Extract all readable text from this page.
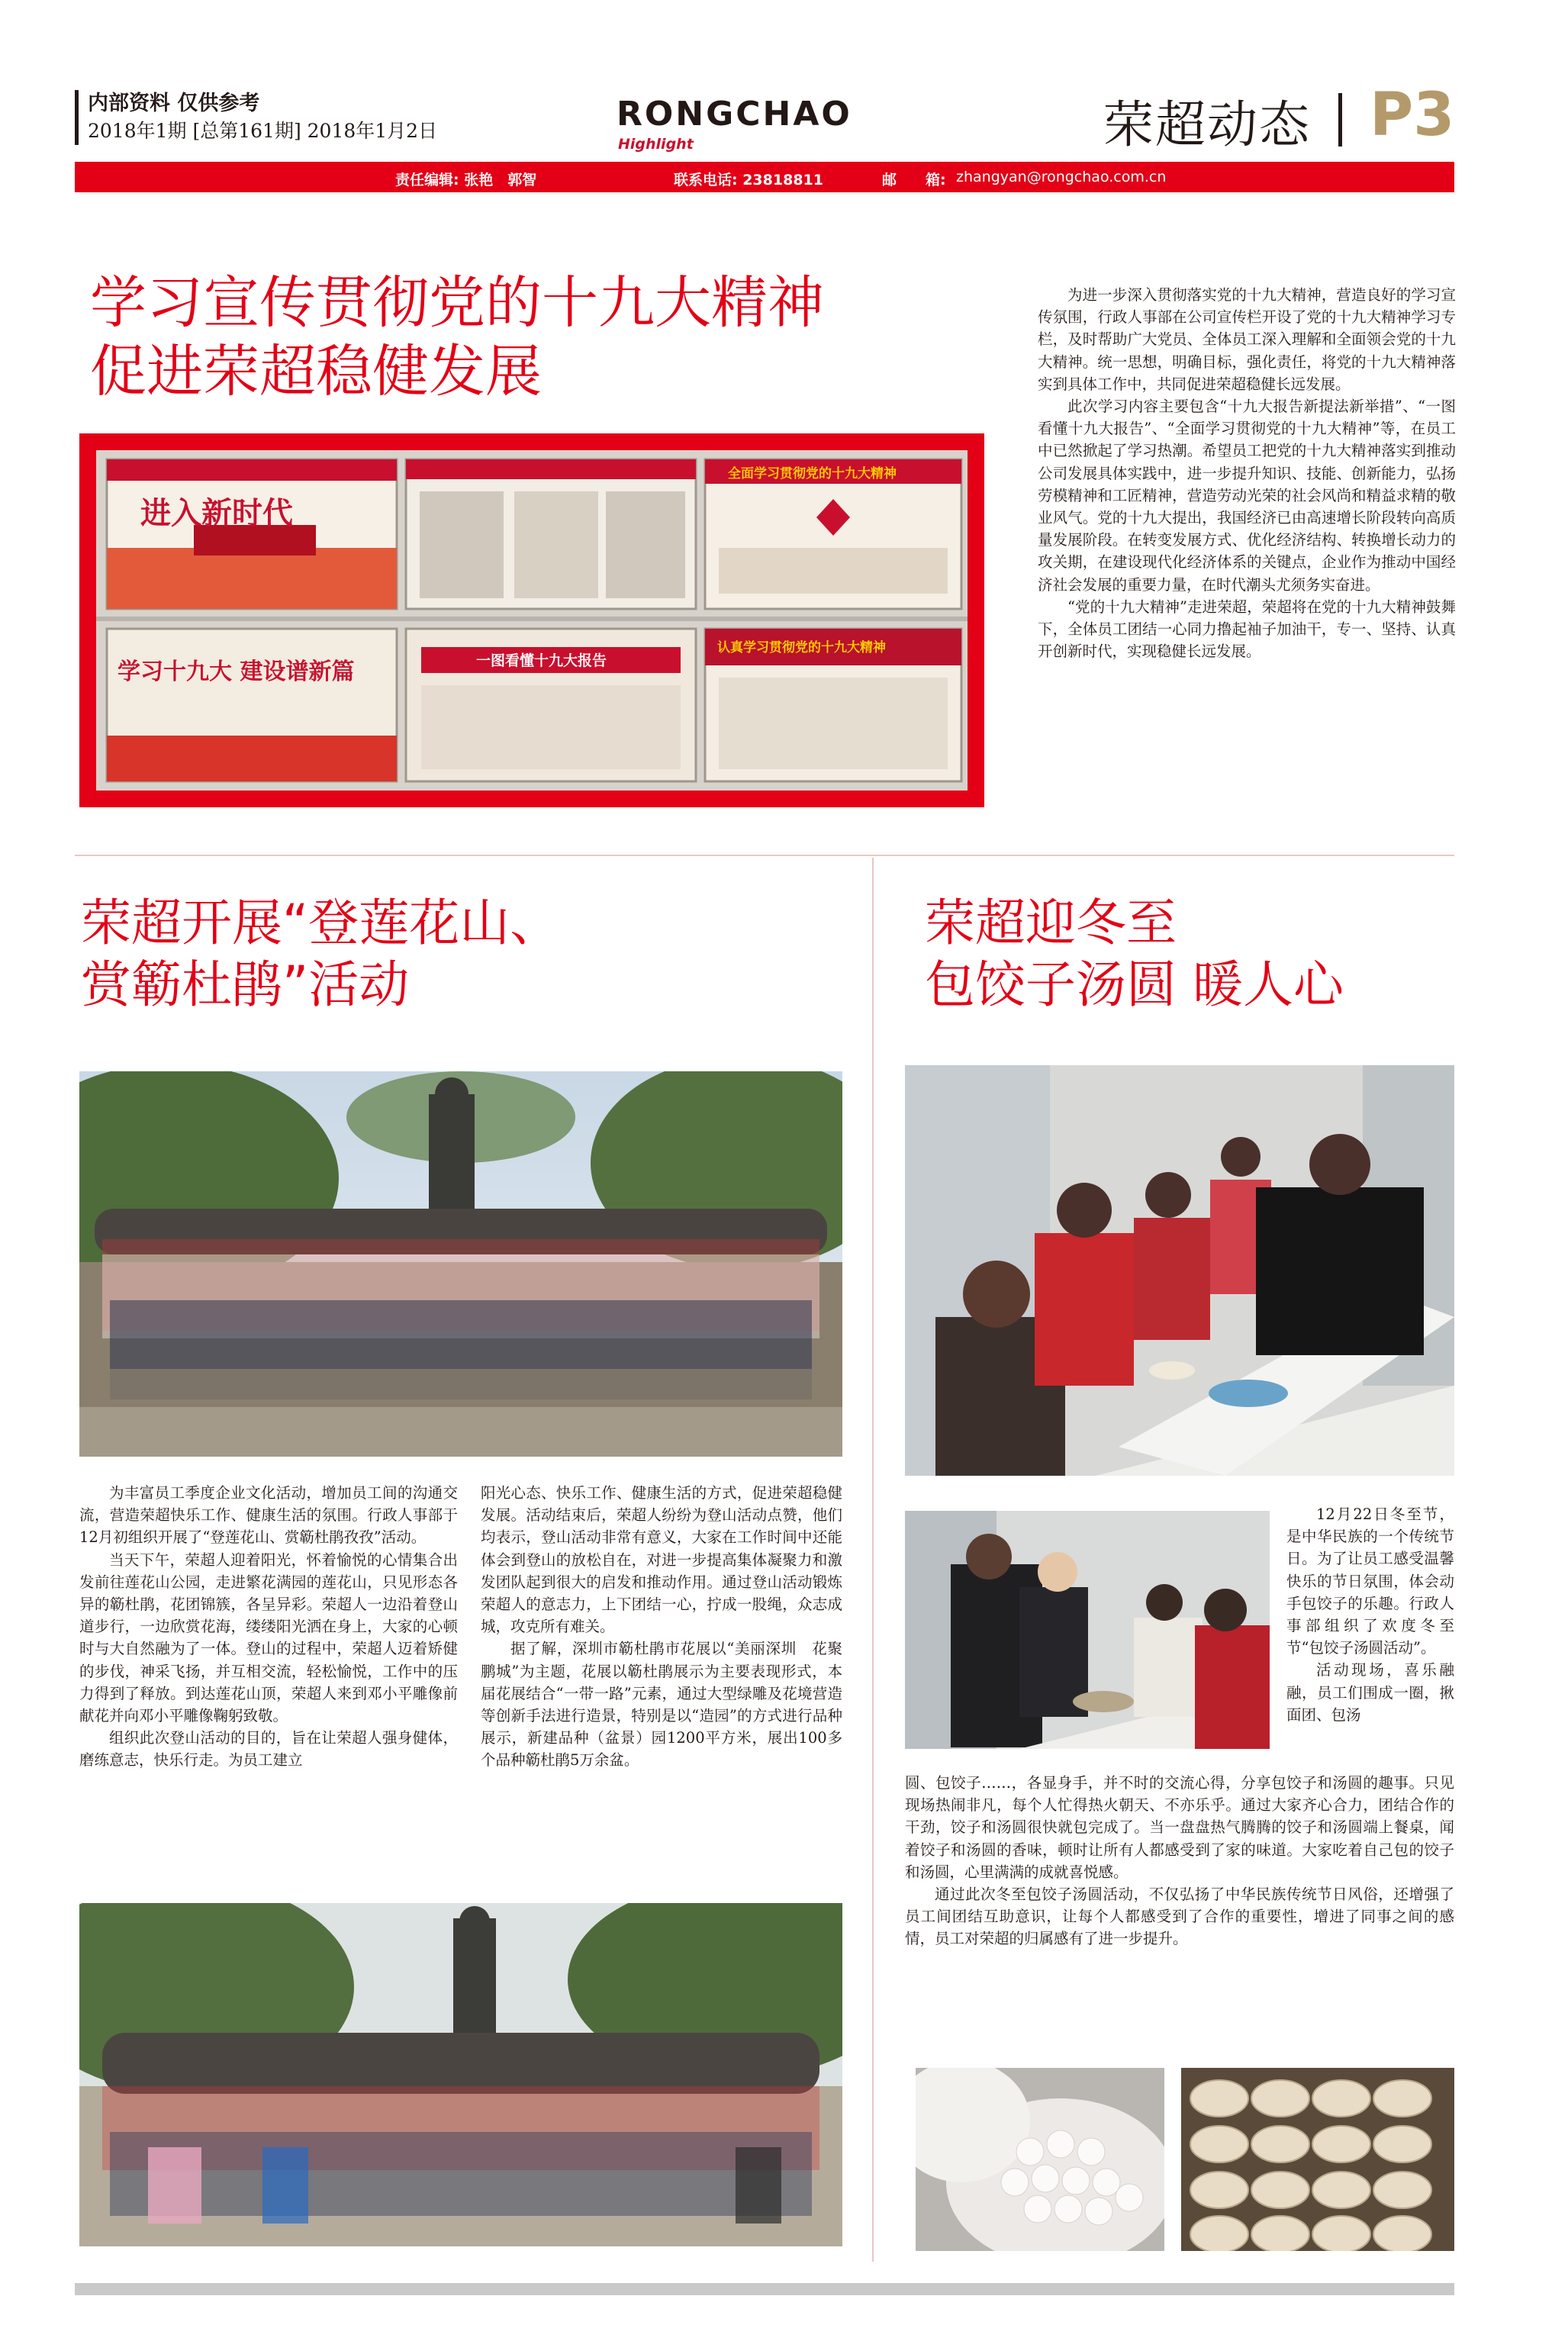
内部资料 仅供参考
2018年1期 [总第161期] 2018年1月2日	RONGCHAO
Highlight	荣超动态 P3
责任编辑: 张艳　郭智	联系电话: 23818811	邮　　箱: zhangyan@rongchao.com.cn
学习宣传贯彻党的十九大精神
促进荣超稳健发展
进入新时代
全面学习贯彻党的十九大精神
学习十九大 建设谱新篇	一图看懂十九大报告
认真学习贯彻党的十九大精神

为进一步深入贯彻落实党的十九大精神，营造良好的学习宣传氛围，行政人事部在公司宣传栏开设了党的十九大精神学习专栏，及时帮助广大党员、全体员工深入理解和全面领会党的十九大精神。统一思想，明确目标，强化责任，将党的十九大精神落实到具体工作中，共同促进荣超稳健长远发展。

此次学习内容主要包含“十九大报告新提法新举措”、“一图看懂十九大报告”、“全面学习贯彻党的十九大精神”等，在员工中已然掀起了学习热潮。希望员工把党的十九大精神落实到推动公司发展具体实践中，进一步提升知识、技能、创新能力，弘扬劳模精神和工匠精神，营造劳动光荣的社会风尚和精益求精的敬业风气。党的十九大提出，我国经济已由高速增长阶段转向高质量发展阶段。在转变发展方式、优化经济结构、转换增长动力的攻关期，在建设现代化经济体系的关键点，企业作为推动中国经济社会发展的重要力量，在时代潮头尤须务实奋进。

“党的十九大精神”走进荣超，荣超将在党的十九大精神鼓舞下，全体员工团结一心同力撸起袖子加油干，专一、坚持、认真开创新时代，实现稳健长远发展。

荣超开展“登莲花山、
赏簕杜鹃”活动

为丰富员工季度企业文化活动，增加员工间的沟通交流，营造荣超快乐工作、健康生活的氛围。行政人事部于12月初组织开展了“登莲花山、赏簕杜鹃孜孜”活动。

当天下午，荣超人迎着阳光，怀着愉悦的心情集合出发前往莲花山公园，走进繁花满园的莲花山，只见形态各异的簕杜鹃，花团锦簇，各呈异彩。荣超人一边沿着登山道步行，一边欣赏花海，缕缕阳光洒在身上，大家的心顿时与大自然融为了一体。登山的过程中，荣超人迈着矫健的步伐，神采飞扬，并互相交流，轻松愉悦，工作中的压力得到了释放。到达莲花山顶，荣超人来到邓小平雕像前献花并向邓小平雕像鞠躬致敬。

组织此次登山活动的目的，旨在让荣超人强身健体，磨练意志，快乐行走。为员工建立

阳光心态、快乐工作、健康生活的方式，促进荣超稳健发展。活动结束后，荣超人纷纷为登山活动点赞，他们均表示，登山活动非常有意义，大家在工作时间中还能体会到登山的放松自在，对进一步提高集体凝聚力和激发团队起到很大的启发和推动作用。通过登山活动锻炼荣超人的意志力，上下团结一心，拧成一股绳，众志成城，攻克所有难关。

据了解，深圳市簕杜鹃市花展以“美丽深圳　花聚鹏城”为主题，花展以簕杜鹃展示为主要表现形式，本届花展结合“一带一路”元素，通过大型绿雕及花境营造等创新手法进行造景，特别是以“造园”的方式进行品种展示，新建品种（盆景）园1200平方米，展出100多个品种簕杜鹃5万余盆。

荣超迎冬至
包饺子汤圆 暖人心

12月22日冬至节，是中华民族的一个传统节日。为了让员工感受温馨快乐的节日氛围，体会动手包饺子的乐趣。行政人事部组织了欢度冬至节“包饺子汤圆活动”。

活动现场，喜乐融融，员工们围成一圈，揪面团、包汤

圆、包饺子……，各显身手，并不时的交流心得，分享包饺子和汤圆的趣事。只见现场热闹非凡，每个人忙得热火朝天、不亦乐乎。通过大家齐心合力，团结合作的干劲，饺子和汤圆很快就包完成了。当一盘盘热气腾腾的饺子和汤圆端上餐桌，闻着饺子和汤圆的香味，顿时让所有人都感受到了家的味道。大家吃着自己包的饺子和汤圆，心里满满的成就喜悦感。

通过此次冬至包饺子汤圆活动，不仅弘扬了中华民族传统节日风俗，还增强了员工间团结互助意识，让每个人都感受到了合作的重要性，增进了同事之间的感情，员工对荣超的归属感有了进一步提升。
